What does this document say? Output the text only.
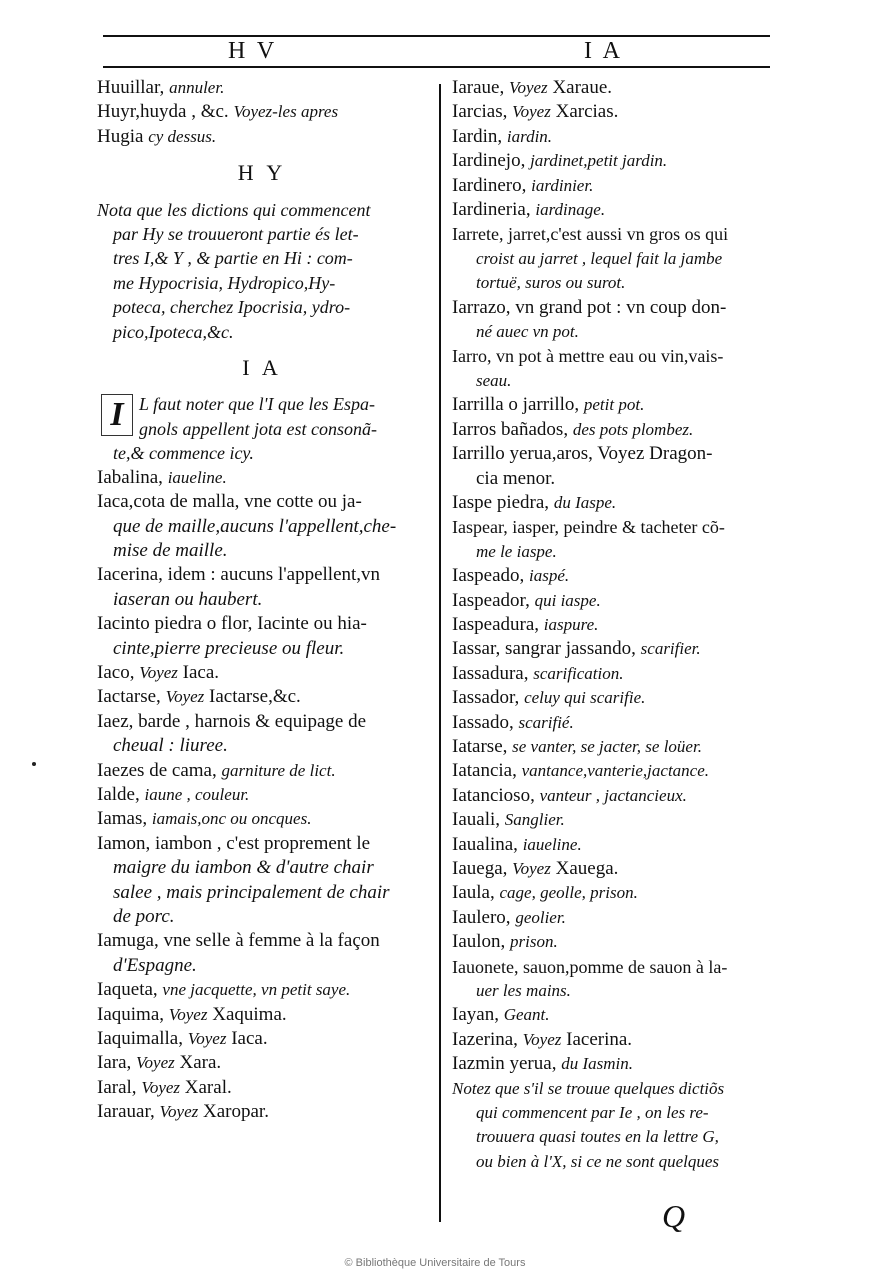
H V	I A

Huuillar, annuler.

Huyr,huyda , &c. Voyez-les apres

Hugia cy dessus.

H Y

Nota que les dictions qui commencent

par Hy se trouueront partie és let-

tres I,& Y , & partie en Hi : com-

me Hypocrisia, Hydropico,Hy-

poteca, cherchez Ipocrisia, ydro-

pico,Ipoteca,&c.

I A
I L faut noter que l'I que les Espa-

gnols appellent jota est consonã-

te,& commence icy.

Iabalina, iaueline.

Iaca,cota de malla, vne cotte ou ja-

que de maille,aucuns l'appellent,che-

mise de maille.

Iacerina, idem : aucuns l'appellent,vn

iaseran ou haubert.

Iacinto piedra o flor, Iacinte ou hia-

cinte,pierre precieuse ou fleur.

Iaco, Voyez Iaca.

Iactarse, Voyez Iactarse,&c.

Iaez, barde , harnois & equipage de

cheual : liuree.

Iaezes de cama, garniture de lict.

Ialde, iaune , couleur.

Iamas, iamais,onc ou oncques.

Iamon, iambon , c'est proprement le

maigre du iambon & d'autre chair

salee , mais principalement de chair

de porc.

Iamuga, vne selle à femme à la façon

d'Espagne.

Iaqueta, vne jacquette, vn petit saye.

Iaquima, Voyez Xaquima.

Iaquimalla, Voyez Iaca.

Iara, Voyez Xara.

Iaral, Voyez Xaral.

Iarauar, Voyez Xaropar.

Iaraue, Voyez Xaraue.

Iarcias, Voyez Xarcias.

Iardin, iardin.

Iardinejo, jardinet,petit jardin.

Iardinero, iardinier.

Iardineria, iardinage.

Iarrete, jarret,c'est aussi vn gros os qui

croist au jarret , lequel fait la jambe

tortuë, suros ou surot.

Iarrazo, vn grand pot : vn coup don-

né auec vn pot.

Iarro, vn pot à mettre eau ou vin,vais-

seau.

Iarrilla o jarrillo, petit pot.

Iarros bañados, des pots plombez.

Iarrillo yerua,aros, Voyez Dragon-

cia menor.

Iaspe piedra, du Iaspe.

Iaspear, iasper, peindre & tacheter cõ-

me le iaspe.

Iaspeado, iaspé.

Iaspeador, qui iaspe.

Iaspeadura, iaspure.

Iassar, sangrar jassando, scarifier.

Iassadura, scarification.

Iassador, celuy qui scarifie.

Iassado, scarifié.

Iatarse, se vanter, se jacter, se loüer.

Iatancia, vantance,vanterie,jactance.

Iatancioso, vanteur , jactancieux.

Iauali, Sanglier.

Iaualina, iaueline.

Iauega, Voyez Xauega.

Iaula, cage, geolle, prison.

Iaulero, geolier.

Iaulon, prison.

Iauonete, sauon,pomme de sauon à la-

uer les mains.

Iayan, Geant.

Iazerina, Voyez Iacerina.

Iazmin yerua, du Iasmin.

Notez que s'il se trouue quelques dictiõs

qui commencent par Ie , on les re-

trouuera quasi toutes en la lettre G,

ou bien à l'X, si ce ne sont quelques

Q
© Bibliothèque Universitaire de Tours
